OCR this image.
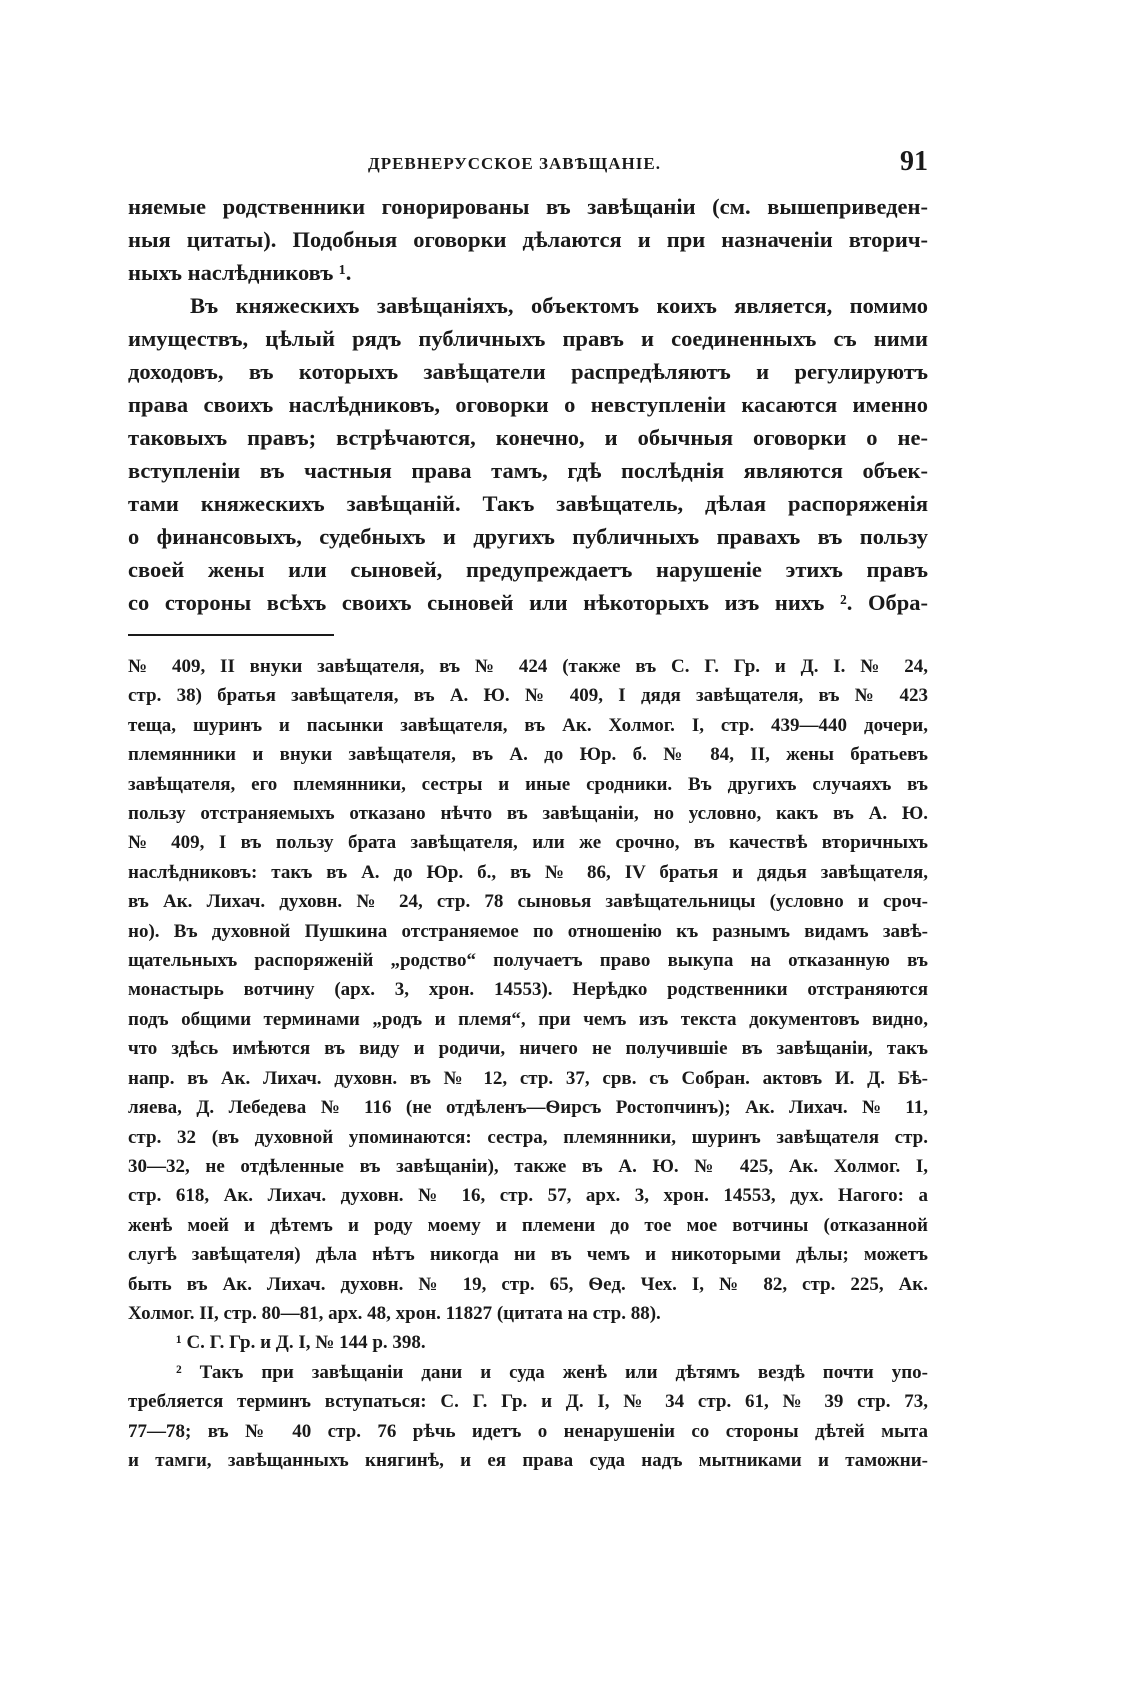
ДРЕВНЕРУССКОЕ ЗАВѢЩАНІЕ.	91

няемые родственники гонорированы въ завѣщаніи (см. вышеприведен-
ныя цитаты). Подобныя оговорки дѣлаются и при назначеніи вторич-
ныхъ наслѣдниковъ ¹.

Въ княжескихъ завѣщаніяхъ, объектомъ коихъ является, помимо
имуществъ, цѣлый рядъ публичныхъ правъ и соединенныхъ съ ними
доходовъ, въ которыхъ завѣщатели распредѣляютъ и регулируютъ
права своихъ наслѣдниковъ, оговорки о невступленіи касаются именно
таковыхъ правъ; встрѣчаются, конечно, и обычныя оговорки о не-
вступленіи въ частныя права тамъ, гдѣ послѣднія являются объек-
тами княжескихъ завѣщаній. Такъ завѣщатель, дѣлая распоряженія
о финансовыхъ, судебныхъ и другихъ публичныхъ правахъ въ пользу
своей жены или сыновей, предупреждаетъ нарушеніе этихъ правъ
со стороны всѣхъ своихъ сыновей или нѣкоторыхъ изъ нихъ ². Обра-

№ 409, II внуки завѣщателя, въ № 424 (также въ С. Г. Гр. и Д. I. № 24,
стр. 38) братья завѣщателя, въ А. Ю. № 409, I дядя завѣщателя, въ № 423
теща, шуринъ и пасынки завѣщателя, въ Ак. Холмог. I, стр. 439—440 дочери,
племянники и внуки завѣщателя, въ А. до Юр. б. № 84, II, жены братьевъ
завѣщателя, его племянники, сестры и иные сродники. Въ другихъ случаяхъ въ
пользу отстраняемыхъ отказано нѣчто въ завѣщаніи, но условно, какъ въ А. Ю.
№ 409, I въ пользу брата завѣщателя, или же срочно, въ качествѣ вторичныхъ
наслѣдниковъ: такъ въ А. до Юр. б., въ № 86, IV братья и дядья завѣщателя,
въ Ак. Лихач. духовн. № 24, стр. 78 сыновья завѣщательницы (условно и сроч-
но). Въ духовной Пушкина отстраняемое по отношенію къ разнымъ видамъ завѣ-
щательныхъ распоряженій „родство“ получаетъ право выкупа на отказанную въ
монастырь вотчину (арх. 3, хрон. 14553). Нерѣдко родственники отстраняются
подъ общими терминами „родъ и племя“, при чемъ изъ текста документовъ видно,
что здѣсь имѣются въ виду и родичи, ничего не получившіе въ завѣщаніи, такъ
напр. въ Ак. Лихач. духовн. въ № 12, стр. 37, срв. съ Собран. актовъ И. Д. Бѣ-
ляева, Д. Лебедева № 116 (не отдѣленъ—Ѳирсъ Ростопчинъ); Ак. Лихач. № 11,
стр. 32 (въ духовной упоминаются: сестра, племянники, шуринъ завѣщателя стр.
30—32, не отдѣленные въ завѣщаніи), также въ А. Ю. № 425, Ак. Холмог. I,
стр. 618, Ак. Лихач. духовн. № 16, стр. 57, арх. 3, хрон. 14553, дух. Нагого: а
женѣ моей и дѣтемъ и роду моему и племени до тое мое вотчины (отказанной
слугѣ завѣщателя) дѣла нѣтъ никогда ни въ чемъ и никоторыми дѣлы; можетъ
быть въ Ак. Лихач. духовн. № 19, стр. 65, Ѳед. Чех. I, № 82, стр. 225, Ак.
Холмог. II, стр. 80—81, арх. 48, хрон. 11827 (цитата на стр. 88).
¹ С. Г. Гр. и Д. I, № 144 р. 398.
² Такъ при завѣщаніи дани и суда женѣ или дѣтямъ вездѣ почти упо-
требляется терминъ вступаться: С. Г. Гр. и Д. I, № 34 стр. 61, № 39 стр. 73,
77—78; въ № 40 стр. 76 рѣчь идетъ о ненарушеніи со стороны дѣтей мыта
и тамги, завѣщанныхъ княгинѣ, и ея права суда надъ мытниками и таможни-
